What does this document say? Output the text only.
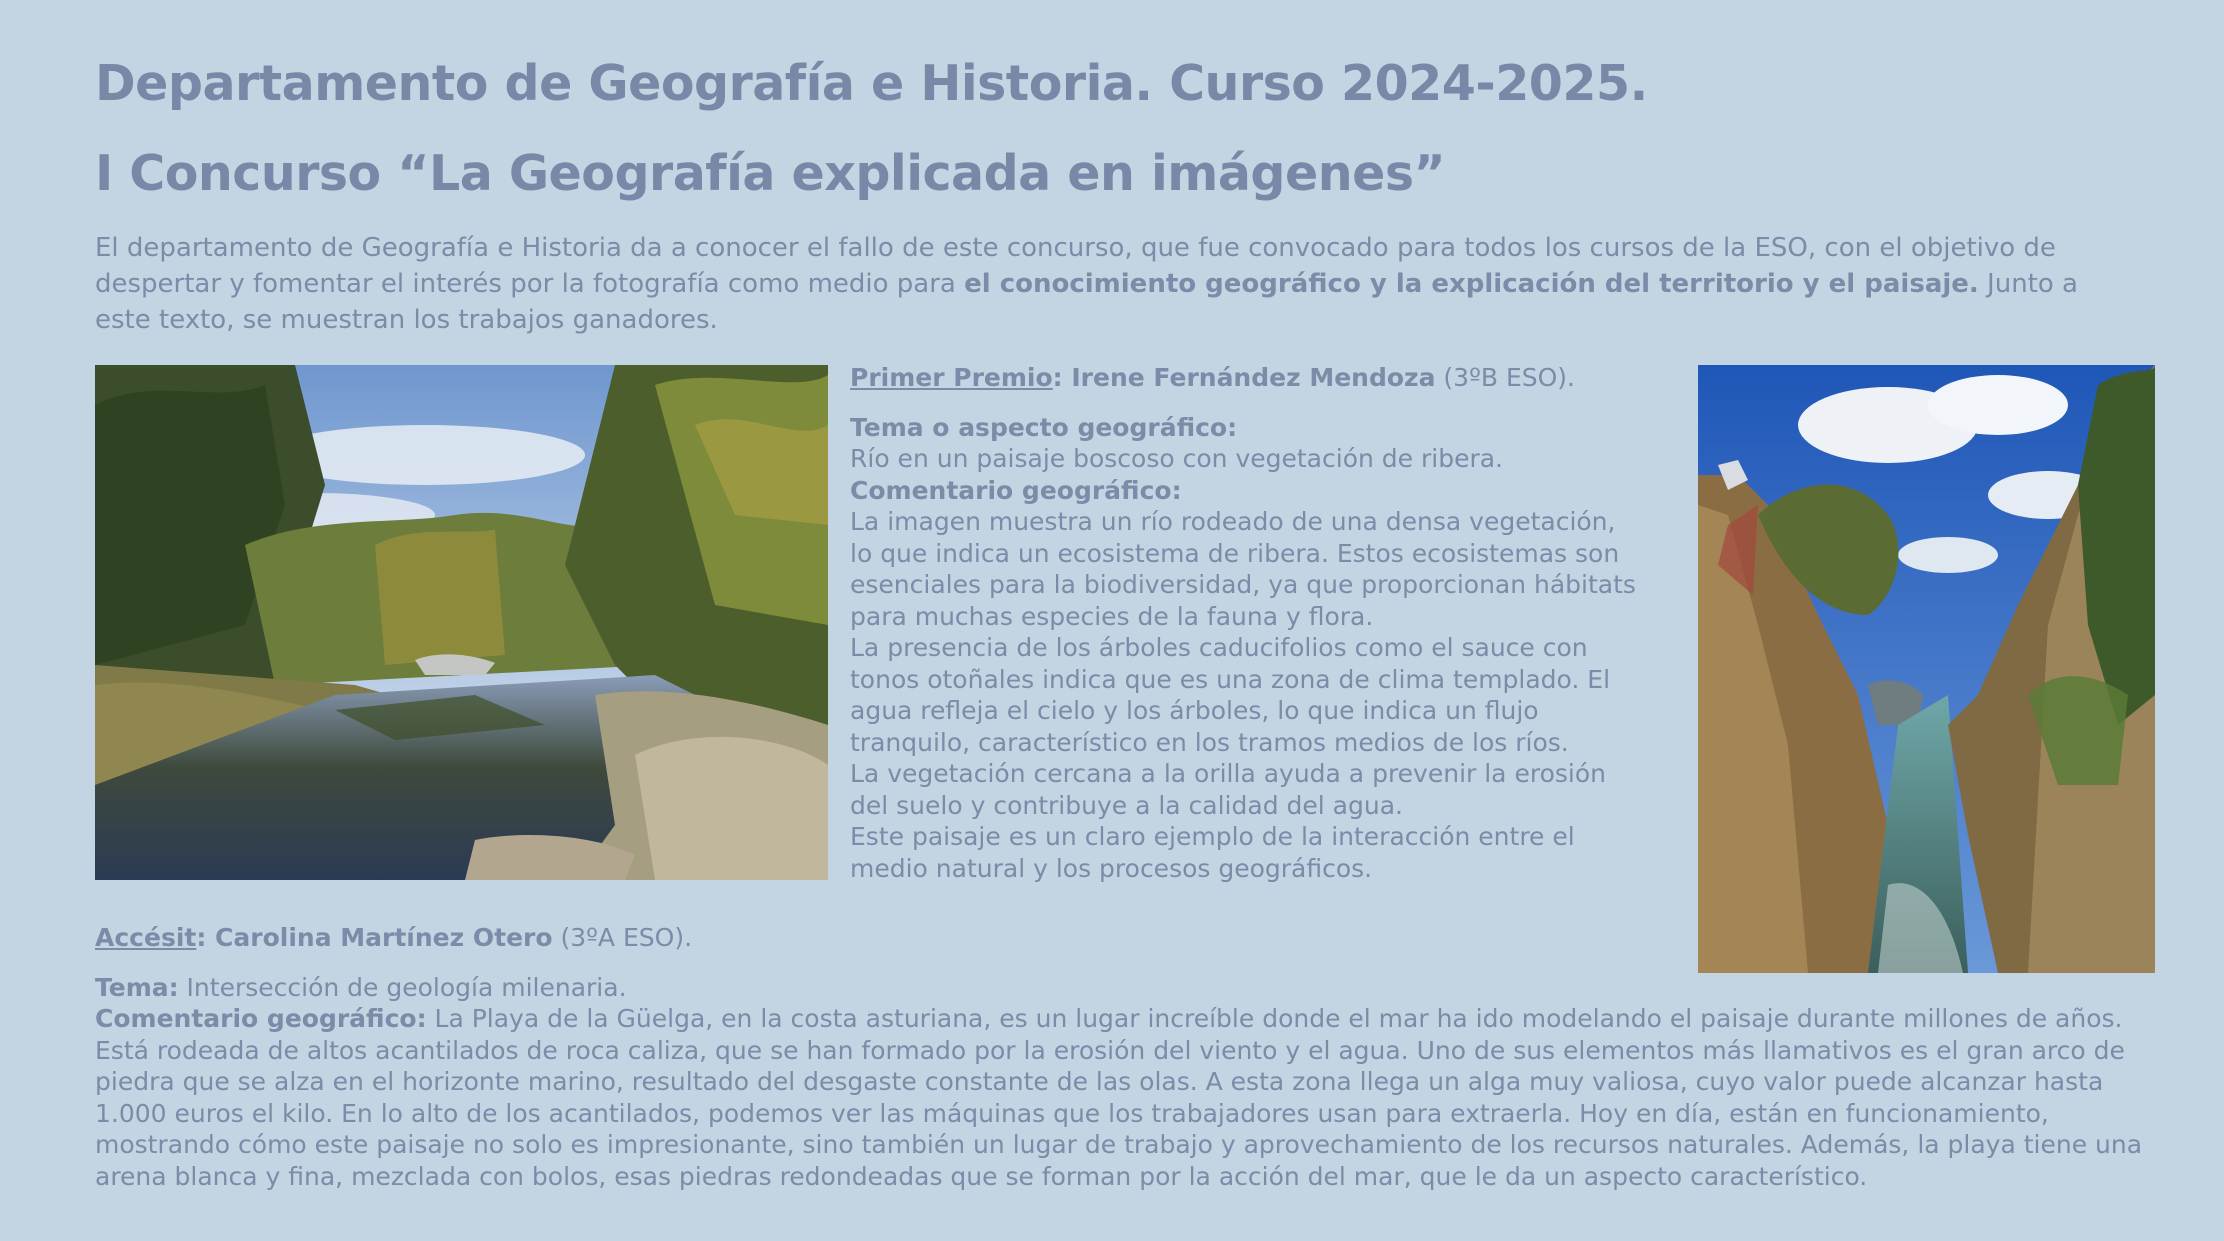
Departamento de Geografía e Historia. Curso 2024-2025.
I Concurso “La Geografía explicada en imágenes”

El departamento de Geografía e Historia da a conocer el fallo de este concurso, que fue convocado para todos los cursos de la ESO, con el objetivo de despertar y fomentar el interés por la fotografía como medio para el conocimiento geográfico y la explicación del territorio y el paisaje. Junto a este texto, se muestran los trabajos ganadores.

Primer Premio: Irene Fernández Mendoza (3ºB ESO).
Tema o aspecto geográfico:
Río en un paisaje boscoso con vegetación de ribera.
Comentario geográfico:
La imagen muestra un río rodeado de una densa vegetación, lo que indica un ecosistema de ribera. Estos ecosistemas son esenciales para la biodiversidad, ya que proporcionan hábitats para muchas especies de la fauna y flora.
La presencia de los árboles caducifolios como el sauce con tonos otoñales indica que es una zona de clima templado. El agua refleja el cielo y los árboles, lo que indica un flujo tranquilo, característico en los tramos medios de los ríos.
La vegetación cercana a la orilla ayuda a prevenir la erosión del suelo y contribuye a la calidad del agua.
Este paisaje es un claro ejemplo de la interacción entre el medio natural y los procesos geográficos.
Accésit: Carolina Martínez Otero (3ºA ESO).
Tema: Intersección de geología milenaria.
Comentario geográfico: La Playa de la Güelga, en la costa asturiana, es un lugar increíble donde el mar ha ido modelando el paisaje durante millones de años. Está rodeada de altos acantilados de roca caliza, que se han formado por la erosión del viento y el agua. Uno de sus elementos más llamativos es el gran arco de piedra que se alza en el horizonte marino, resultado del desgaste constante de las olas. A esta zona llega un alga muy valiosa, cuyo valor puede alcanzar hasta 1.000 euros el kilo. En lo alto de los acantilados, podemos ver las máquinas que los trabajadores usan para extraerla. Hoy en día, están en funcionamiento, mostrando cómo este paisaje no solo es impresionante, sino también un lugar de trabajo y aprovechamiento de los recursos naturales. Además, la playa tiene una arena blanca y fina, mezclada con bolos, esas piedras redondeadas que se forman por la acción del mar, que le da un aspecto característico.
